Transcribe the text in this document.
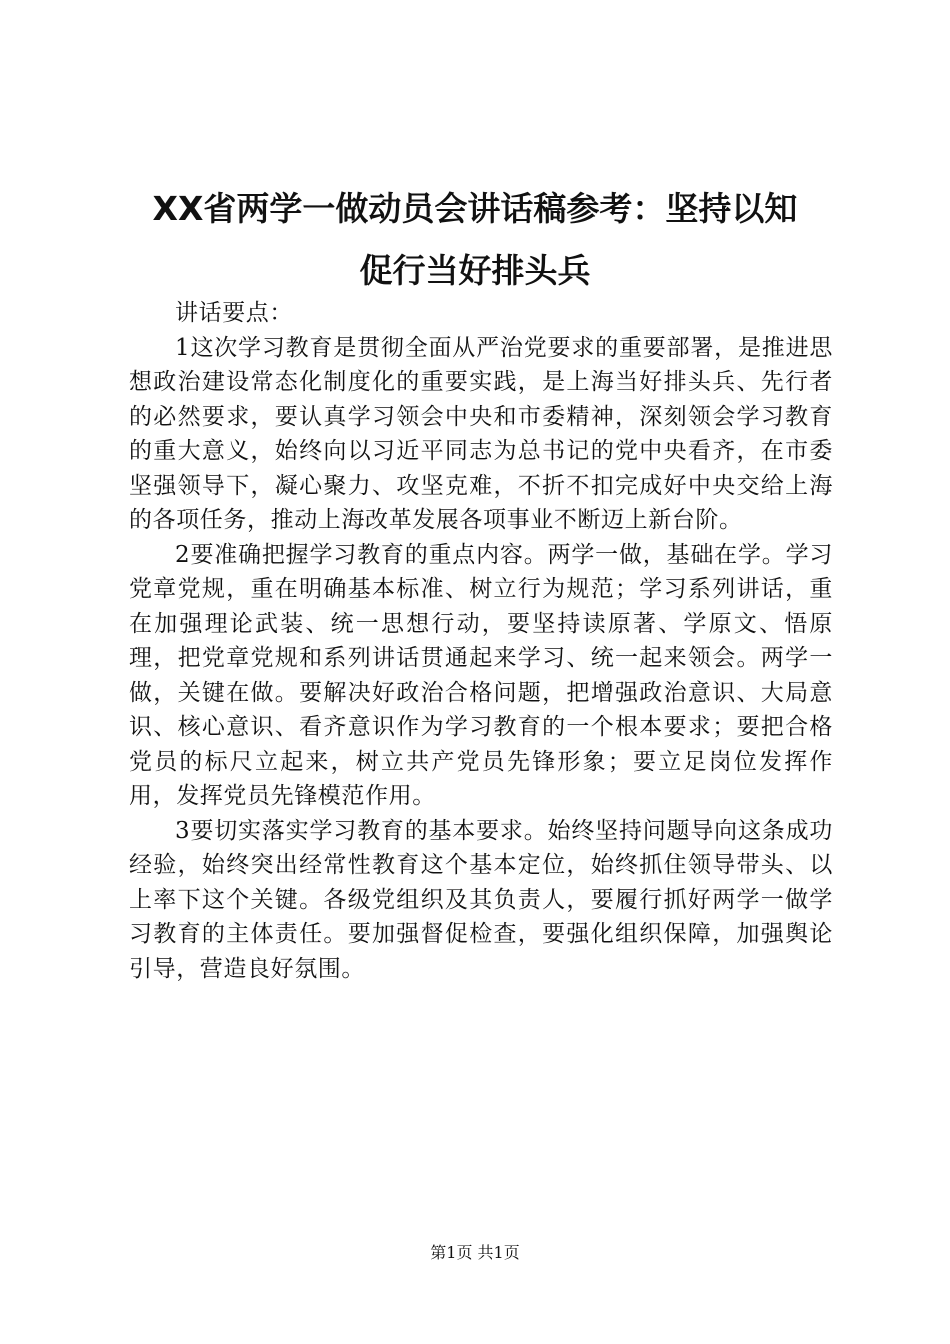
XX省两学一做动员会讲话稿参考：坚持以知
促行当好排头兵

讲话要点：

1这次学习教育是贯彻全面从严治党要求的重要部署，是推进思想政治建设常态化制度化的重要实践，是上海当好排头兵、先行者的必然要求，要认真学习领会中央和市委精神，深刻领会学习教育的重大意义，始终向以习近平同志为总书记的党中央看齐，在市委坚强领导下，凝心聚力、攻坚克难，不折不扣完成好中央交给上海的各项任务，推动上海改革发展各项事业不断迈上新台阶。

2要准确把握学习教育的重点内容。两学一做，基础在学。学习党章党规，重在明确基本标准、树立行为规范；学习系列讲话，重在加强理论武装、统一思想行动，要坚持读原著、学原文、悟原理，把党章党规和系列讲话贯通起来学习、统一起来领会。两学一做，关键在做。要解决好政治合格问题，把增强政治意识、大局意识、核心意识、看齐意识作为学习教育的一个根本要求；要把合格党员的标尺立起来，树立共产党员先锋形象；要立足岗位发挥作用，发挥党员先锋模范作用。

3要切实落实学习教育的基本要求。始终坚持问题导向这条成功经验，始终突出经常性教育这个基本定位，始终抓住领导带头、以上率下这个关键。各级党组织及其负责人，要履行抓好两学一做学习教育的主体责任。要加强督促检查，要强化组织保障，加强舆论引导，营造良好氛围。

第1页 共1页
